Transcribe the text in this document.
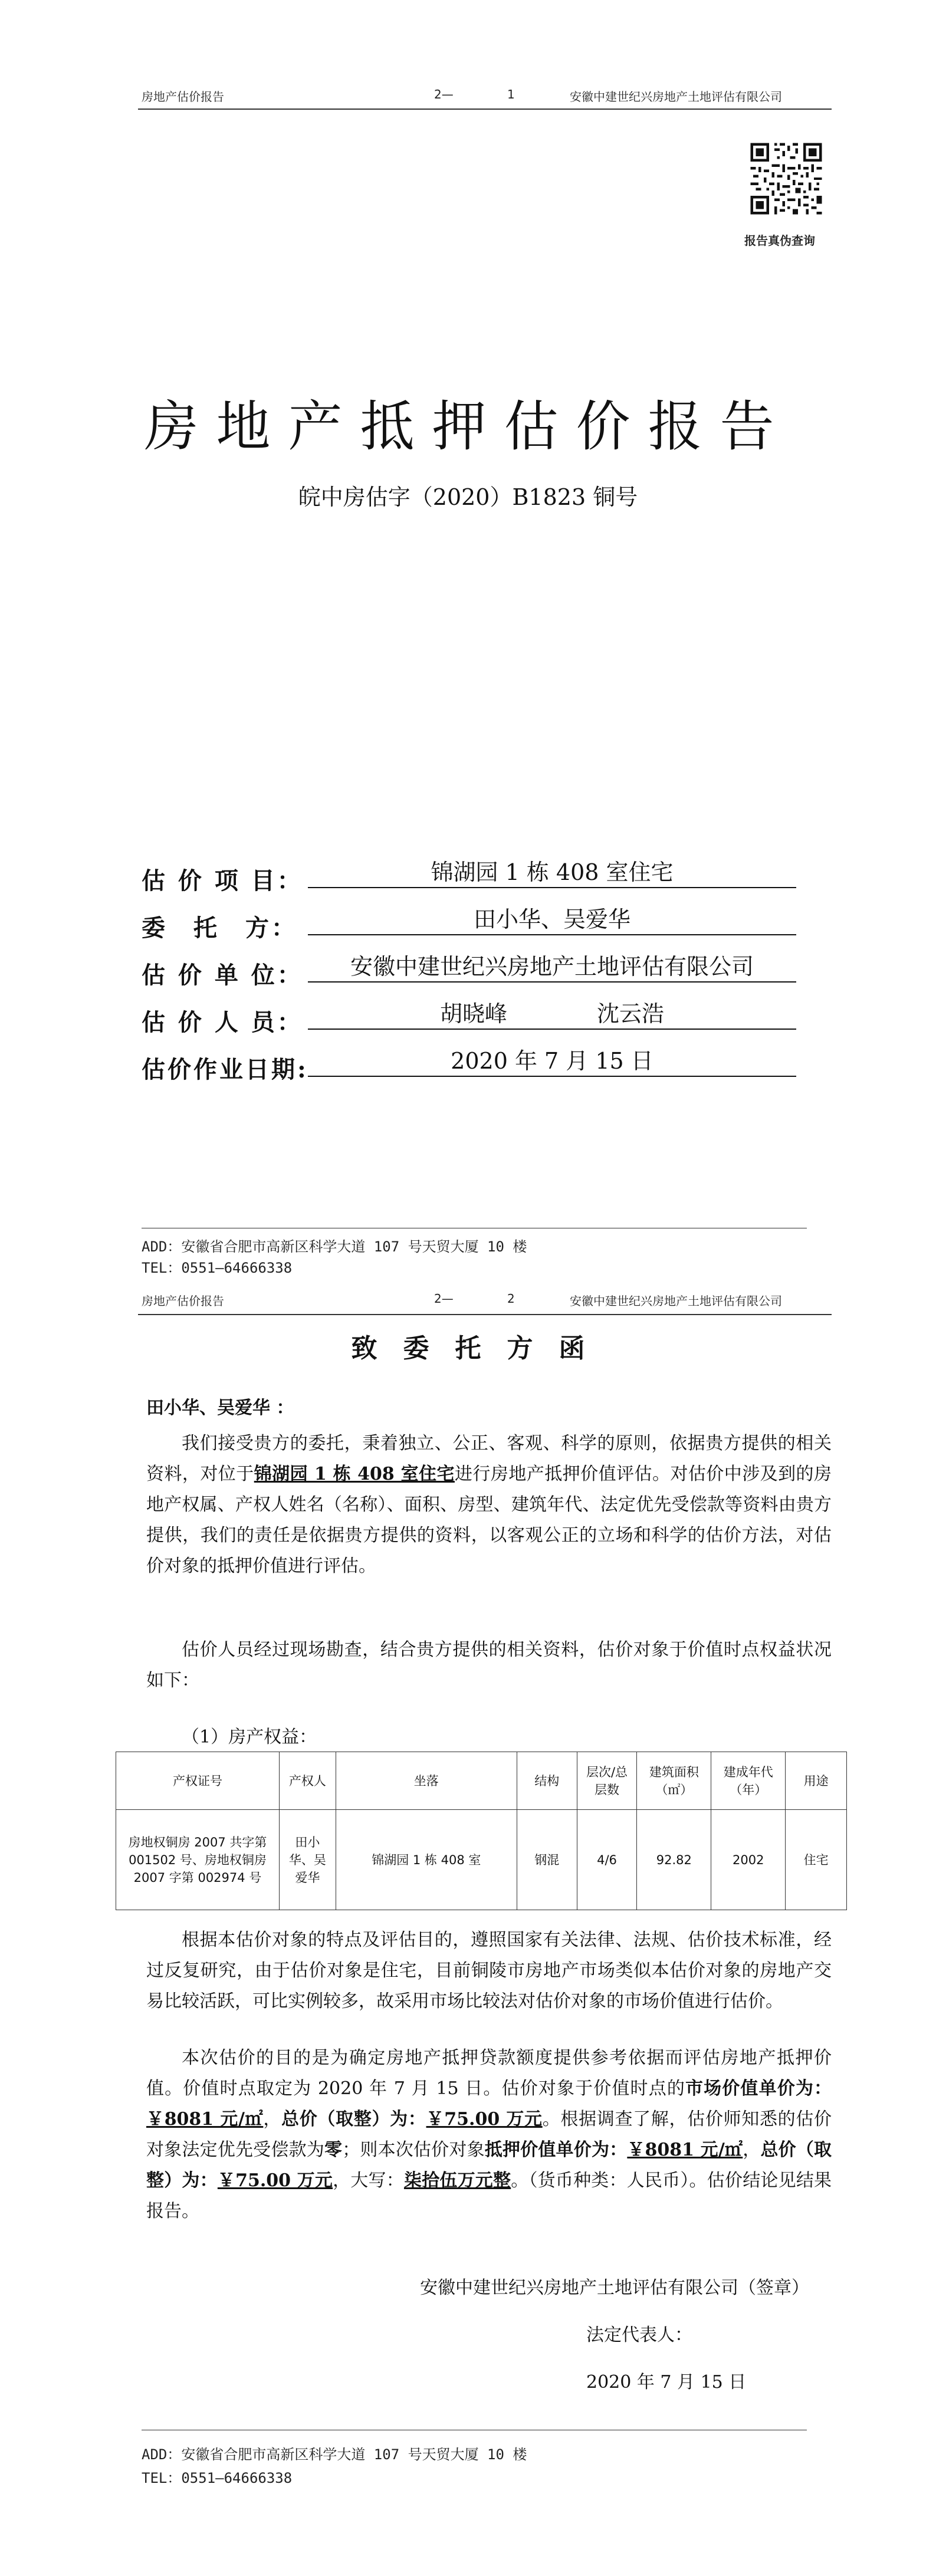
房地产估价报告	2—	1	安徽中建世纪兴房地产土地评估有限公司
报告真伪查询
房地产抵押估价报告
皖中房估字（2020）B1823 铜号
估 价 项 目：	锦湖园 1 栋 408 室住宅
委　托　方：	田小华、吴爱华
估 价 单 位：	安徽中建世纪兴房地产土地评估有限公司
估 价 人 员：	胡晓峰　　　　沈云浩
估价作业日期:	2020 年 7 月 15 日
ADD：安徽省合肥市高新区科学大道 107 号天贸大厦 10 楼
TEL：0551—64666338
房地产估价报告	2—	2	安徽中建世纪兴房地产土地评估有限公司
致　委　托　方　函
田小华、吴爱华 ：
我们接受贵方的委托，秉着独立、公正、客观、科学的原则，依据贵方提供的相关资料，对位于锦湖园 1 栋 408 室住宅进行房地产抵押价值评估。对估价中涉及到的房地产权属、产权人姓名（名称）、面积、房型、建筑年代、法定优先受偿款等资料由贵方提供，我们的责任是依据贵方提供的资料，以客观公正的立场和科学的估价方法，对估价对象的抵押价值进行评估。
估价人员经过现场勘查，结合贵方提供的相关资料，估价对象于价值时点权益状况如下：
（1）房产权益：
产权证号	产权人	坐落	结构	层次/总层数	建筑面积（㎡）	建成年代（年）	用途
房地权铜房 2007 共字第 001502 号、房地权铜房 2007 字第 002974 号	田小华、吴爱华	锦湖园 1 栋 408 室	钢混	4/6	92.82	2002	住宅
根据本估价对象的特点及评估目的，遵照国家有关法律、法规、估价技术标准，经过反复研究，由于估价对象是住宅，目前铜陵市房地产市场类似本估价对象的房地产交易比较活跃，可比实例较多，故采用市场比较法对估价对象的市场价值进行估价。
本次估价的目的是为确定房地产抵押贷款额度提供参考依据而评估房地产抵押价值。价值时点取定为 2020 年 7 月 15 日。估价对象于价值时点的市场价值单价为：￥8081 元/㎡，总价（取整）为：￥75.00 万元。根据调查了解，估价师知悉的估价对象法定优先受偿款为零；则本次估价对象抵押价值单价为：￥8081 元/㎡，总价（取整）为：￥75.00 万元，大写：柒拾伍万元整。（货币种类：人民币）。估价结论见结果报告。
安徽中建世纪兴房地产土地评估有限公司（签章）
法定代表人：
2020 年 7 月 15 日
ADD：安徽省合肥市高新区科学大道 107 号天贸大厦 10 楼
TEL：0551—64666338
